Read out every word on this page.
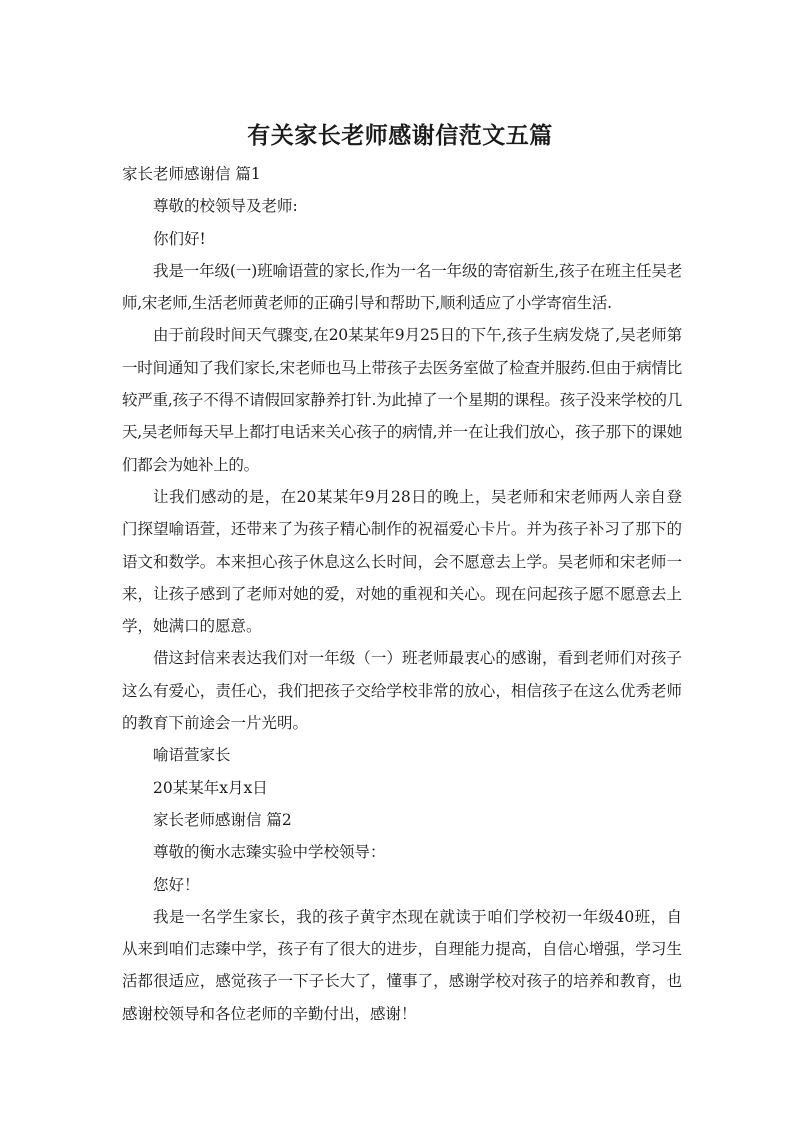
有关家长老师感谢信范文五篇

家长老师感谢信 篇1

尊敬的校领导及老师:

你们好!

我是一年级(一)班喻语萱的家长,作为一名一年级的寄宿新生,孩子在班主任吴老师,宋老师,生活老师黄老师的正确引导和帮助下,顺利适应了小学寄宿生活.

由于前段时间天气骤变,在20某某年9月25日的下午,孩子生病发烧了,吴老师第一时间通知了我们家长,宋老师也马上带孩子去医务室做了检查并服药.但由于病情比较严重,孩子不得不请假回家静养打针.为此掉了一个星期的课程。孩子没来学校的几天,吴老师每天早上都打电话来关心孩子的病情,并一在让我们放心，孩子那下的课她们都会为她补上的。

让我们感动的是，在20某某年9月28日的晚上，吴老师和宋老师两人亲自登门探望喻语萱，还带来了为孩子精心制作的祝福爱心卡片。并为孩子补习了那下的语文和数学。本来担心孩子休息这么长时间，会不愿意去上学。吴老师和宋老师一来，让孩子感到了老师对她的爱，对她的重视和关心。现在问起孩子愿不愿意去上学，她满口的愿意。

借这封信来表达我们对一年级（一）班老师最衷心的感谢，看到老师们对孩子这么有爱心，责任心，我们把孩子交给学校非常的放心，相信孩子在这么优秀老师的教育下前途会一片光明。

喻语萱家长

20某某年x月x日

家长老师感谢信 篇2

尊敬的衡水志臻实验中学校领导：

您好！

我是一名学生家长，我的孩子黄宇杰现在就读于咱们学校初一年级40班，自从来到咱们志臻中学，孩子有了很大的进步，自理能力提高，自信心增强，学习生活都很适应，感觉孩子一下子长大了，懂事了，感谢学校对孩子的培养和教育，也感谢校领导和各位老师的辛勤付出，感谢！
